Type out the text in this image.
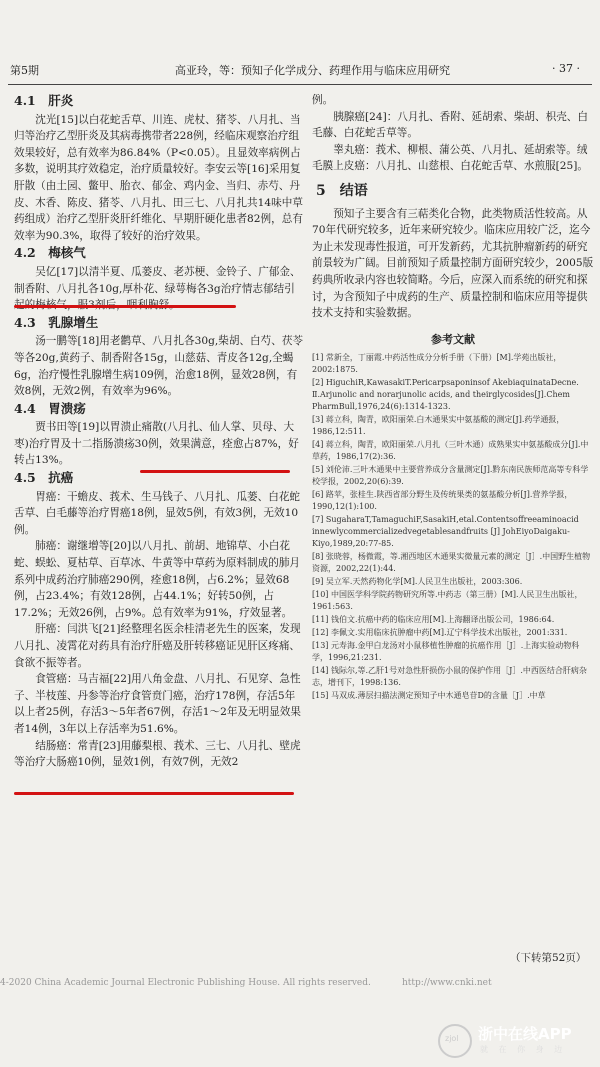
第5期	高亚玲，等：预知子化学成分、药理作用与临床应用研究	· 37 ·
4.1　肝炎

沈光[15]以白花蛇舌草、川连、虎杖、猪苓、八月扎、当归等治疗乙型肝炎及其病毒携带者228例，经临床观察治疗组效果较好，总有效率为86.84%（P<0.05）。且显效率病例占多数，说明其疗效稳定，治疗质量较好。李安云等[16]采用复肝散（由土园、鳖甲、胎衣、郁金、鸡内金、当归、赤芍、丹皮、木香、陈皮、猪苓、八月扎、田三七、八月扎共14味中草药组成）治疗乙型肝炎肝纤维化、早期肝硬化患者82例，总有效率为90.3%，取得了较好的治疗效果。

4.2　梅核气

吴亿[17]以清半夏、瓜蒌皮、老苏梗、金铃子、广郁金、制香附、八月扎各10g,厚朴花、绿萼梅各3g治疗情志郁结引

4.3　乳腺增生

汤一鹏等[18]用老鹳草、八月扎各30g,柴胡、白芍、茯苓等各20g,黄药子、制香附各15g，山慈菇、青皮各12g,全蝎6g，治疗慢性乳腺增生病109例，治愈18例，显效28例，有效8例，无效2例，有效率为96%。

4.4　胃溃疡

贾书田等[19]以胃溃止痛散(八月扎、仙人掌、贝母、大枣)治疗胃及十二指肠溃疡30例，效果满意，痊愈占87%，好转占13%。

4.5　抗癌

胃癌：干蟾皮、莪术、生马钱子、八月扎、瓜蒌、白花蛇舌草、白毛藤等治疗胃癌18例，显效5例，有效3例，无效10例。

肺癌：谢继增等[20]以八月扎、前胡、地锦草、小白花蛇、蜈蚣、夏枯草、百草冰、牛黄等中草药为原料制成的肺月系列中成药治疗肺癌290例，痊愈18例，占6.2%；显效68例，占23.4%；有效128例，占44.1%；好转50例，占17.2%；无效26例，占9%。总有效率为91%，疗效显著。

肝癌：闫洪飞[21]经整理名医余桂清老先生的医案，发现八月扎、凌霄花对药具有治疗肝癌及肝转移癌证见肝区疼痛、食欲不振等者。

食管癌：马吉福[22]用八角金盘、八月扎、石见穿、急性子、半枝莲、丹参等治疗食管贲门癌，治疗178例，存活5年以上者25例，存活3～5年者67例，存活1～2年及无明显效果者14例，3年以上存活率为51.6%。

结肠癌：常青[23]用藤梨根、莪术、三七、八月扎、壁虎等治疗大肠癌10例，显效1例，有效7例，无效2

例。

胰腺癌[24]：八月扎、香附、延胡索、柴胡、枳壳、白毛藤、白花蛇舌草等。

睾丸癌：莪术、柳根、蒲公英、八月扎、延胡索等。绒毛膜上皮癌：八月扎、山慈根、白花蛇舌草、水煎服[25]。

5　结语

预知子主要含有三萜类化合物，此类物质活性较高。从70年代研究较多，近年来研究较少。临床应用较广泛，迄今为止未发现毒性报道，可开发新药，尤其抗肿瘤新药的研究前景较为广阔。目前预知子质量控制方面研究较少，2005版药典所收录内容也较简略。今后，应深入而系统的研究和探讨，为含预知子中成药的生产、质量控制和临床应用等提供技术支持和实验数据。

参考文献
[1] 常新全，丁丽霞.中药活性成分分析手册（下册）[M].学苑出版社，2002:1875.
[2] HiguchiR,KawasakiT.Pericarpsaponinsof AkebiaquinataDecne. Ⅱ.Arjunolic and norarjunolic acids, and theirglycosides[J].Chem PharmBull,1976,24(6):1314-1323.
[3] 蒋立科，陶青，欧阳丽荣.白木通果实中氨基酸的测定[J].药学通报，1986,12:511.
[4] 蒋立科，陶青，欧阳丽荣.八月扎（三叶木通）成熟果实中氨基酸成分[J].中草药，1986,17(2):36.
[5] 刘伦沛.三叶木通果中主要营养成分含量测定[J].黔东南民族师范高等专科学校学报，2002,20(6):39.
[6] 路苹，张桂生.陕西省部分野生及传统果类的氨基酸分析[J].营养学报，1990,12(1):100.
[7] SugaharaT,TamaguchiF,SasakiH,etal.Contentsoffreeaminoacid innewlycommercializedvegetablesandfruits [J] JohEiyoDaigaku-Kiyo,1989,20:77-85.
[8] 张晓蓉，杨微霞，等.湘西地区木通果实微量元素的测定［J］.中国野生植物资源，2002,22(1):44.
[9] 吴立军.天然药物化学[M].人民卫生出版社，2003:306.
[10] 中国医学科学院药物研究所等.中药志（第三册）[M].人民卫生出版社，1961:563.
[11] 钱伯文.抗癌中药的临床应用[M].上海翻译出版公司，1986:64.
[12] 李佩文.实用临床抗肿瘤中药[M].辽宁科学技术出版社，2001:331.
[13] 元寿海.金甲白龙汤对小鼠移植性肿瘤的抗癌作用［J］.上海实验动物科学，1996,21:231.
[14] 钱际尔,等.乙肝1号对急性肝损伤小鼠的保护作用［J］.中西医结合肝病杂志，增刊下，1998:136.
[15] 马双成.薄层扫描法测定预知子中木通皂苷D的含量［J］.中草
（下转第52页）
4-2020 China Academic Journal Electronic Publishing House. All rights reserved.	http://www.cnki.net
zjol 浙中在线APP
就 在 你 身 边
